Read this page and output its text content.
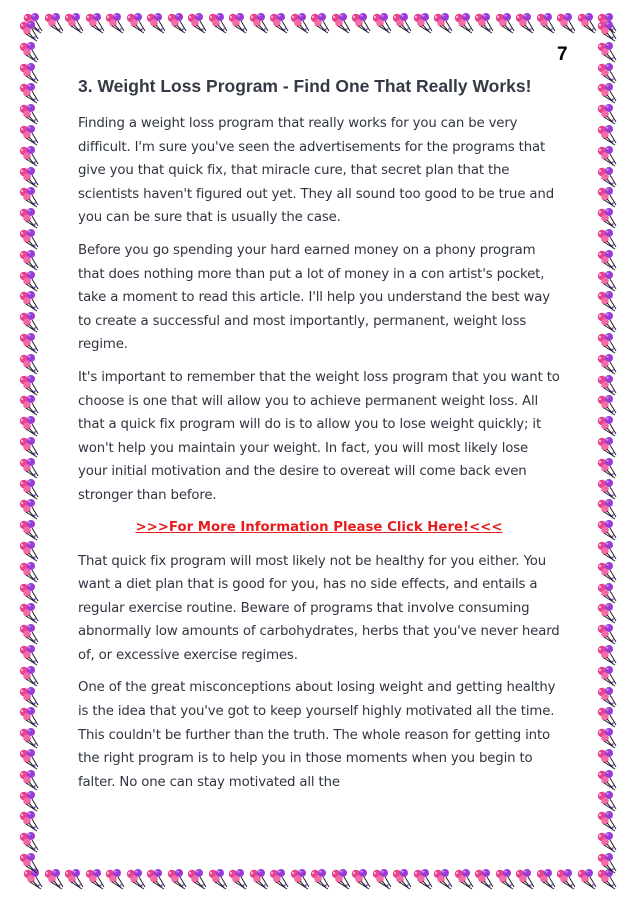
7
3. Weight Loss Program - Find One That Really Works!

Finding a weight loss program that really works for you can be very difficult. I'm sure you've seen the advertisements for the programs that give you that quick fix, that miracle cure, that secret plan that the scientists haven't figured out yet. They all sound too good to be true and you can be sure that is usually the case.

Before you go spending your hard earned money on a phony program that does nothing more than put a lot of money in a con artist's pocket, take a moment to read this article. I'll help you understand the best way to create a successful and most importantly, permanent, weight loss regime.

It's important to remember that the weight loss program that you want to choose is one that will allow you to achieve permanent weight loss. All that a quick fix program will do is to allow you to lose weight quickly; it won't help you maintain your weight. In fact, you will most likely lose your initial motivation and the desire to overeat will come back even stronger than before.

>>>For More Information Please Click Here!<<<

That quick fix program will most likely not be healthy for you either. You want a diet plan that is good for you, has no side effects, and entails a regular exercise routine. Beware of programs that involve consuming abnormally low amounts of carbohydrates, herbs that you've never heard of, or excessive exercise regimes.

One of the great misconceptions about losing weight and getting healthy is the idea that you've got to keep yourself highly motivated all the time. This couldn't be further than the truth. The whole reason for getting into the right program is to help you in those moments when you begin to falter. No one can stay motivated all the
